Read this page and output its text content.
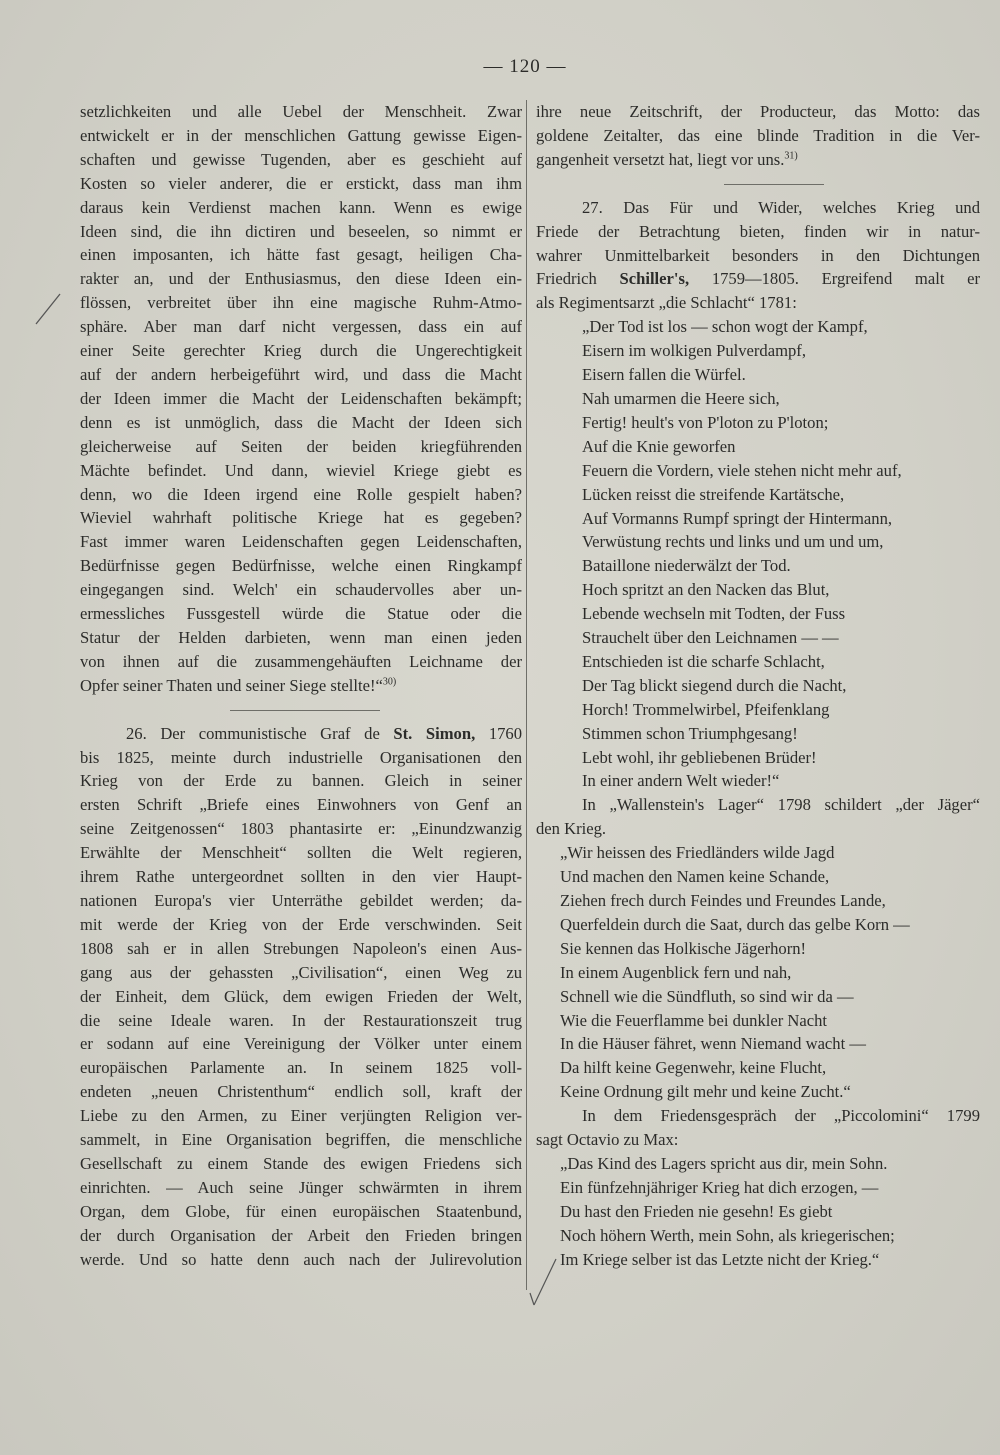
— 120 —
setzlichkeiten und alle Uebel der Menschheit. Zwar
entwickelt er in der menschlichen Gattung gewisse Eigen-
schaften und gewisse Tugenden, aber es geschieht auf
Kosten so vieler anderer, die er erstickt, dass man ihm
daraus kein Verdienst machen kann. Wenn es ewige
Ideen sind, die ihn dictiren und beseelen, so nimmt er
einen imposanten, ich hätte fast gesagt, heiligen Cha-
rakter an, und der Enthusiasmus, den diese Ideen ein-
flössen, verbreitet über ihn eine magische Ruhm-Atmo-
sphäre. Aber man darf nicht vergessen, dass ein auf
einer Seite gerechter Krieg durch die Ungerechtigkeit
auf der andern herbeigeführt wird, und dass die Macht
der Ideen immer die Macht der Leidenschaften bekämpft;
denn es ist unmöglich, dass die Macht der Ideen sich
gleicherweise auf Seiten der beiden kriegführenden
Mächte befindet. Und dann, wieviel Kriege giebt es
denn, wo die Ideen irgend eine Rolle gespielt haben?
Wieviel wahrhaft politische Kriege hat es gegeben?
Fast immer waren Leidenschaften gegen Leidenschaften,
Bedürfnisse gegen Bedürfnisse, welche einen Ringkampf
eingegangen sind. Welch' ein schaudervolles aber un-
ermessliches Fussgestell würde die Statue oder die
Statur der Helden darbieten, wenn man einen jeden
von ihnen auf die zusammengehäuften Leichname der
Opfer seiner Thaten und seiner Siege stellte!“$^{30)}$
26. Der communistische Graf de St. Simon, 1760
bis 1825, meinte durch industrielle Organisationen den
Krieg von der Erde zu bannen. Gleich in seiner
ersten Schrift „Briefe eines Einwohners von Genf an
seine Zeitgenossen“ 1803 phantasirte er: „Einundzwanzig
Erwählte der Menschheit“ sollten die Welt regieren,
ihrem Rathe untergeordnet sollten in den vier Haupt-
nationen Europa's vier Unterräthe gebildet werden; da-
mit werde der Krieg von der Erde verschwinden. Seit
1808 sah er in allen Strebungen Napoleon's einen Aus-
gang aus der gehassten „Civilisation“, einen Weg zu
der Einheit, dem Glück, dem ewigen Frieden der Welt,
die seine Ideale waren. In der Restaurationszeit trug
er sodann auf eine Vereinigung der Völker unter einem
europäischen Parlamente an. In seinem 1825 voll-
endeten „neuen Christenthum“ endlich soll, kraft der
Liebe zu den Armen, zu Einer verjüngten Religion ver-
sammelt, in Eine Organisation begriffen, die menschliche
Gesellschaft zu einem Stande des ewigen Friedens sich
einrichten. — Auch seine Jünger schwärmten in ihrem
Organ, dem Globe, für einen europäischen Staatenbund,
der durch Organisation der Arbeit den Frieden bringen
werde. Und so hatte denn auch nach der Julirevolution
ihre neue Zeitschrift, der Producteur, das Motto: das
goldene Zeitalter, das eine blinde Tradition in die Ver-
gangenheit versetzt hat, liegt vor uns.$^{31)}$
27. Das Für und Wider, welches Krieg und
Friede der Betrachtung bieten, finden wir in natur-
wahrer Unmittelbarkeit besonders in den Dichtungen
Friedrich Schiller's, 1759—1805. Ergreifend malt er
als Regimentsarzt „die Schlacht“ 1781:
„Der Tod ist los — schon wogt der Kampf,
Eisern im wolkigen Pulverdampf,
Eisern fallen die Würfel.
Nah umarmen die Heere sich,
Fertig! heult's von P'loton zu P'loton;
Auf die Knie geworfen
Feuern die Vordern, viele stehen nicht mehr auf,
Lücken reisst die streifende Kartätsche,
Auf Vormanns Rumpf springt der Hintermann,
Verwüstung rechts und links und um und um,
Bataillone niederwälzt der Tod.
Hoch spritzt an den Nacken das Blut,
Lebende wechseln mit Todten, der Fuss
Strauchelt über den Leichnamen — —
Entschieden ist die scharfe Schlacht,
Der Tag blickt siegend durch die Nacht,
Horch! Trommelwirbel, Pfeifenklang
Stimmen schon Triumphgesang!
Lebt wohl, ihr gebliebenen Brüder!
In einer andern Welt wieder!“
In „Wallenstein's Lager“ 1798 schildert „der Jäger“
den Krieg.
„Wir heissen des Friedländers wilde Jagd
Und machen den Namen keine Schande,
Ziehen frech durch Feindes und Freundes Lande,
Querfeldein durch die Saat, durch das gelbe Korn —
Sie kennen das Holkische Jägerhorn!
In einem Augenblick fern und nah,
Schnell wie die Sündfluth, so sind wir da —
Wie die Feuerflamme bei dunkler Nacht
In die Häuser fähret, wenn Niemand wacht —
Da hilft keine Gegenwehr, keine Flucht,
Keine Ordnung gilt mehr und keine Zucht.“
In dem Friedensgespräch der „Piccolomini“ 1799
sagt Octavio zu Max:
„Das Kind des Lagers spricht aus dir, mein Sohn.
Ein fünfzehnjähriger Krieg hat dich erzogen, —
Du hast den Frieden nie gesehn! Es giebt
Noch höhern Werth, mein Sohn, als kriegerischen;
Im Kriege selber ist das Letzte nicht der Krieg.“
